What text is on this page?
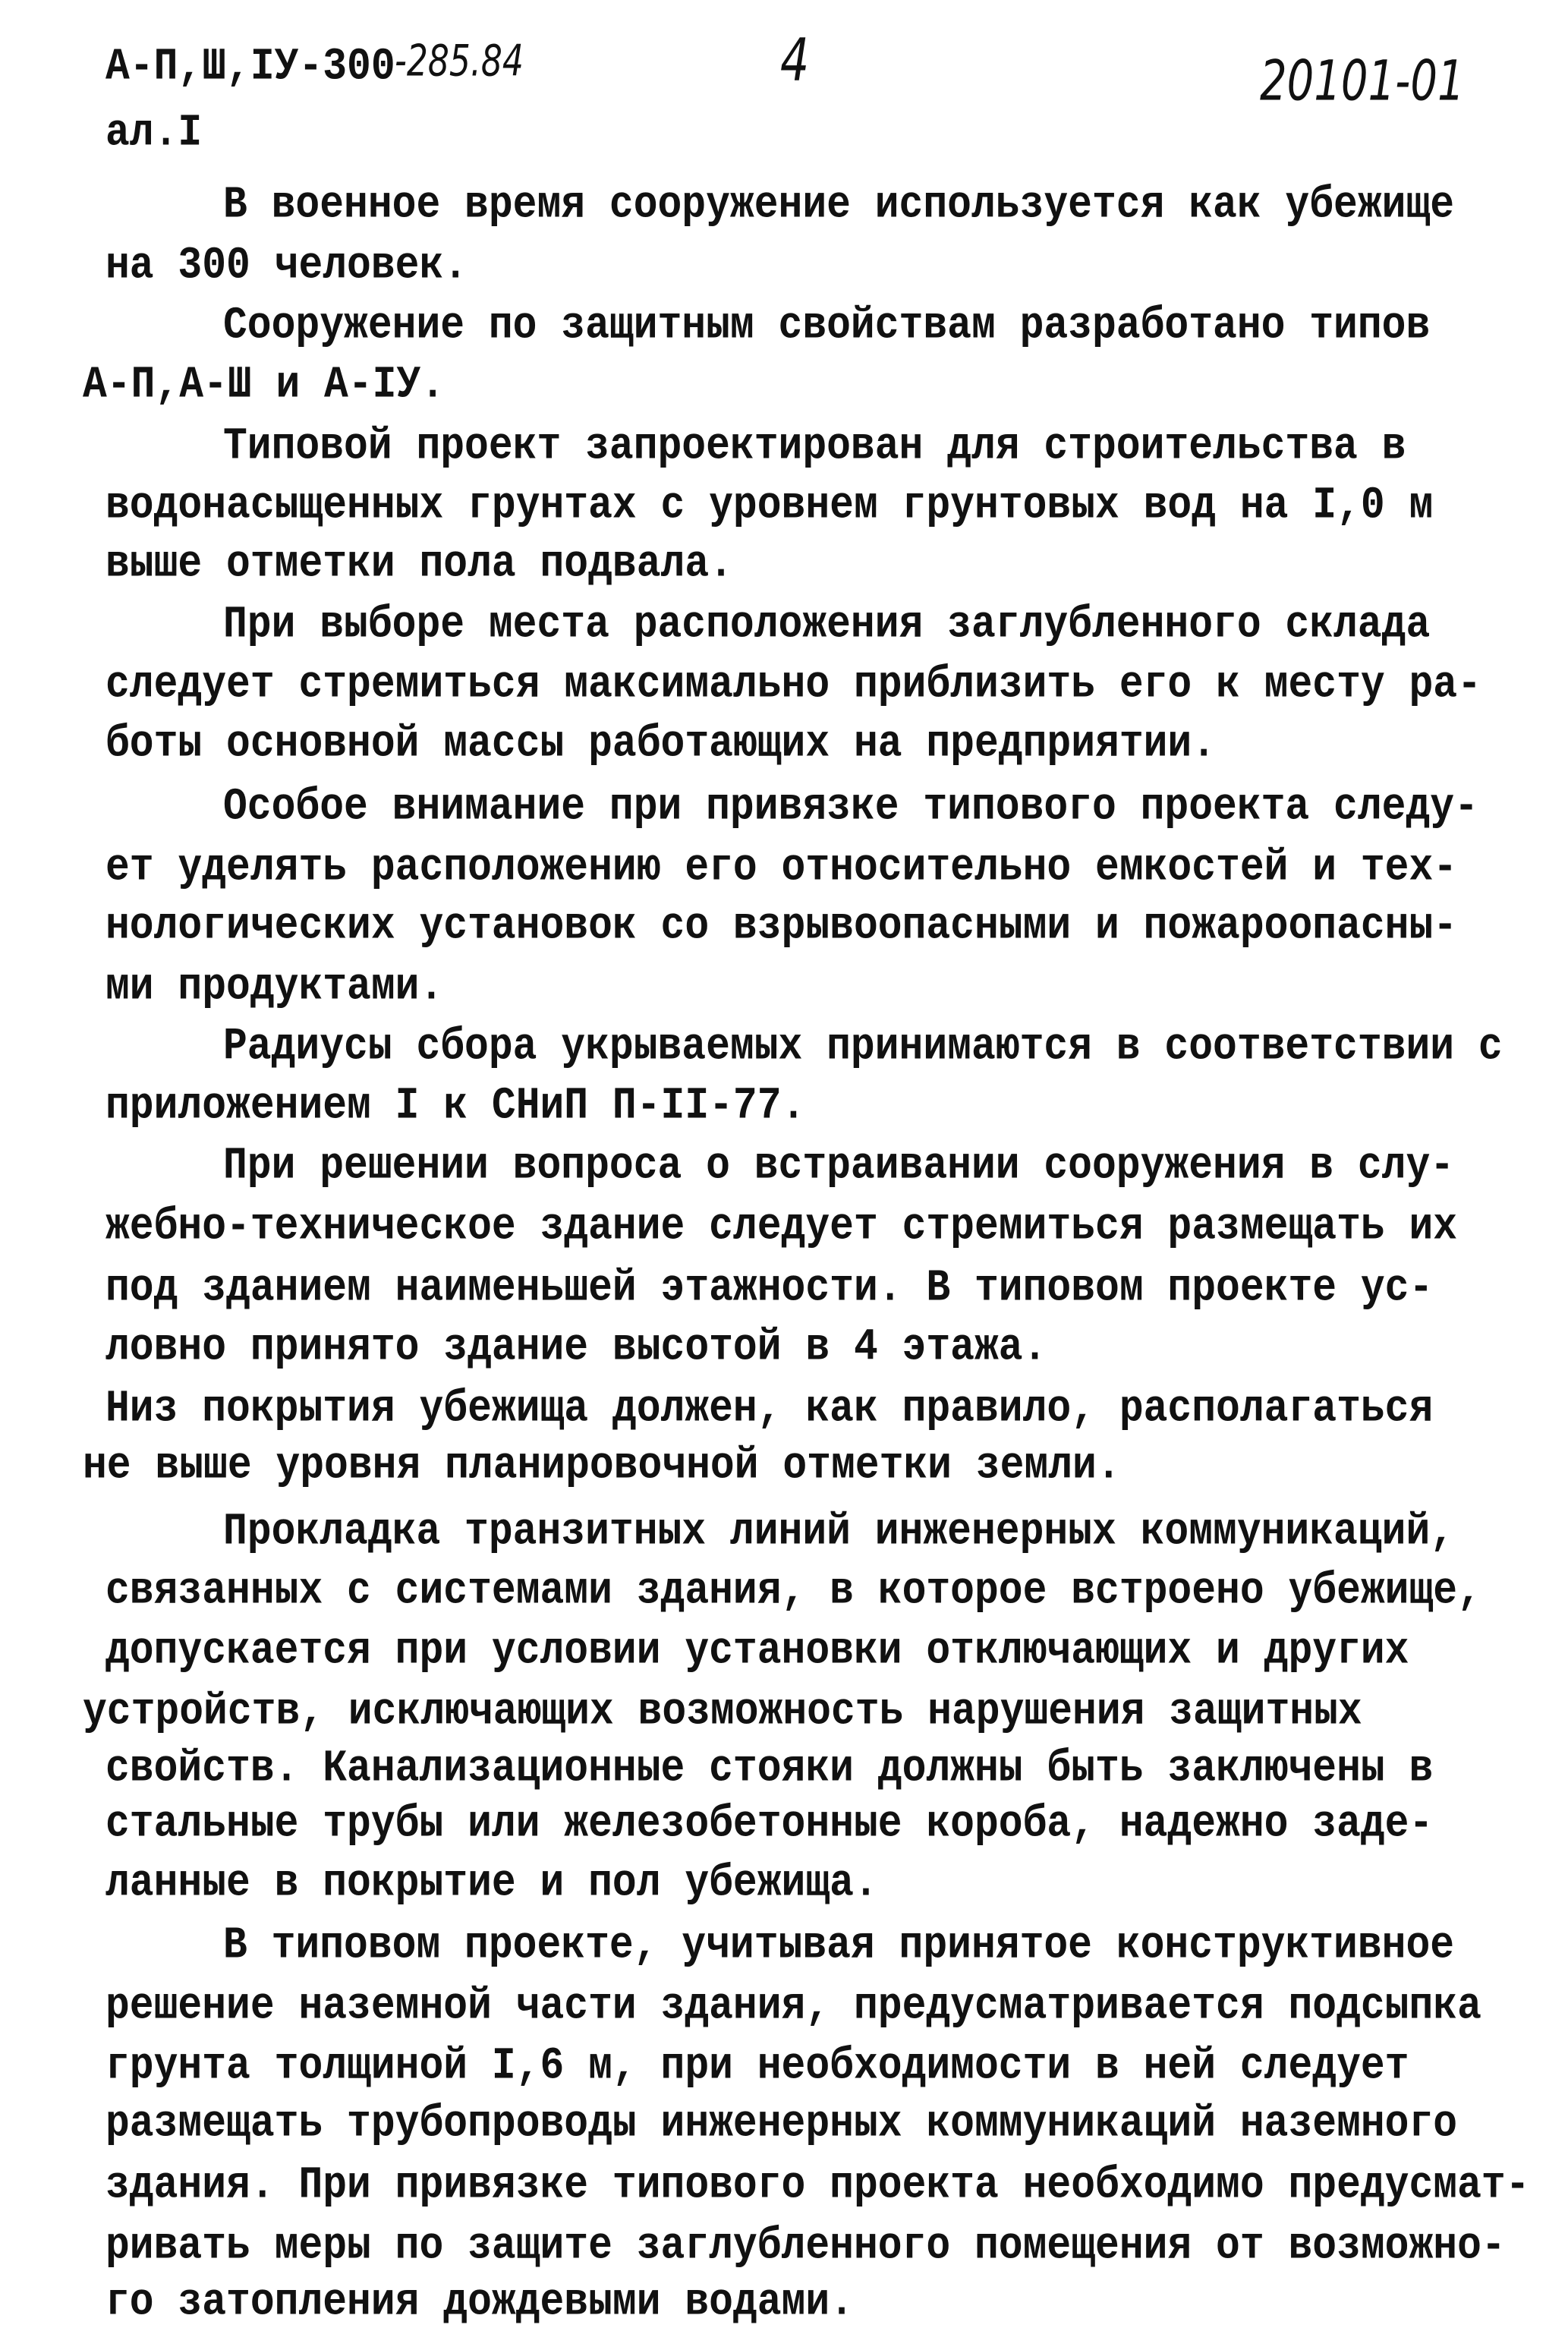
А-П,Ш,IУ-300 -285.84	4	20101-01
ал.I
В военное время сооружение используется как убежище
на 300 человек.
Сооружение по защитным свойствам разработано типов
А-П,А-Ш и А-IУ.
Типовой проект запроектирован для строительства в
водонасыщенных грунтах с уровнем грунтовых вод на I,0 м
выше отметки пола подвала.
При выборе места расположения заглубленного склада
следует стремиться максимально приблизить его к месту ра-
боты основной массы работающих на предприятии.
Особое внимание при привязке типового проекта следу-
ет уделять расположению его относительно емкостей и тех-
нологических установок со взрывоопасными и пожароопасны-
ми продуктами.
Радиусы сбора укрываемых принимаются в соответствии с
приложением I к СНиП П-II-77.
При решении вопроса о встраивании сооружения в слу-
жебно-техническое здание следует стремиться размещать их
под зданием наименьшей этажности. В типовом проекте ус-
ловно принято здание высотой в 4 этажа.
Низ покрытия убежища должен, как правило, располагаться
не выше уровня планировочной отметки земли.
Прокладка транзитных линий инженерных коммуникаций,
связанных с системами здания, в которое встроено убежище,
допускается при условии установки отключающих и других
устройств, исключающих возможность нарушения защитных
свойств. Канализационные стояки должны быть заключены в
стальные трубы или железобетонные короба, надежно заде-
ланные в покрытие и пол убежища.
В типовом проекте, учитывая принятое конструктивное
решение наземной части здания, предусматривается подсыпка
грунта толщиной I,6 м, при необходимости в ней следует
размещать трубопроводы инженерных коммуникаций наземного
здания. При привязке типового проекта необходимо предусмат-
ривать меры по защите заглубленного помещения от возможно-
го затопления дождевыми водами.
